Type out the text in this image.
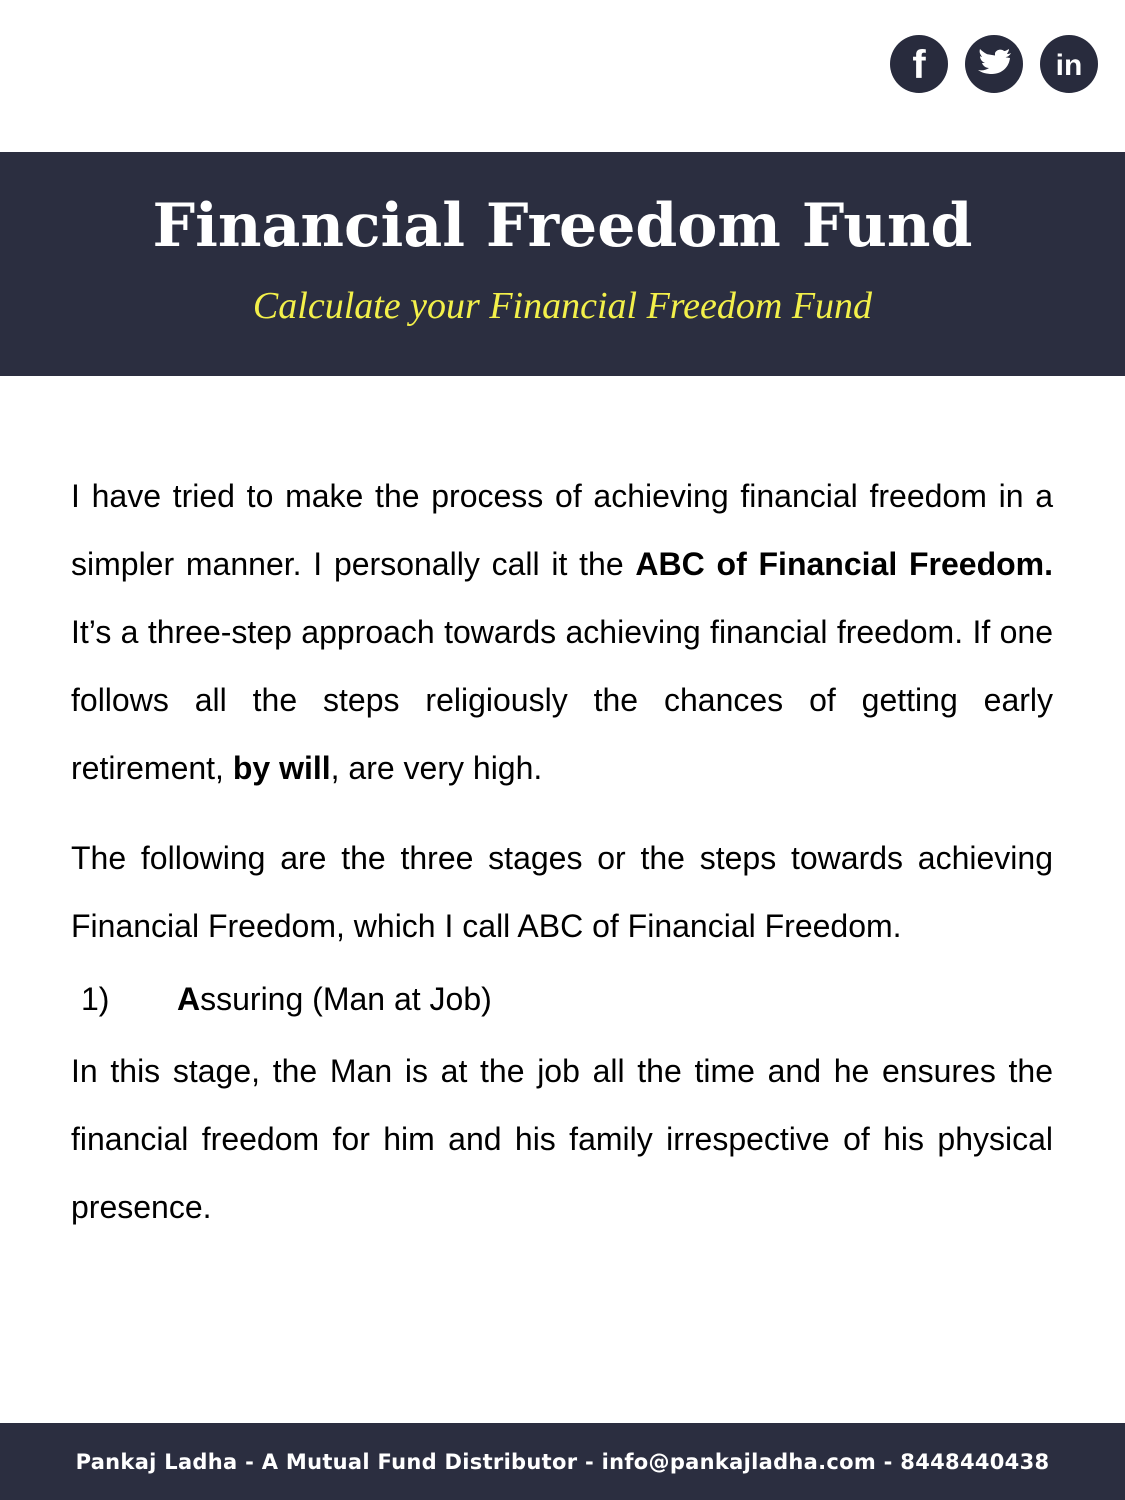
f	in
Financial Freedom Fund

Calculate your Financial Freedom Fund

I have tried to make the process of achieving financial freedom in a simpler manner. I personally call it the ABC of Financial Freedom. It’s a three-step approach towards achieving financial freedom. If one follows all the steps religiously the chances of getting early retirement, by will, are very high.

The following are the three stages or the steps towards achieving Financial Freedom, which I call ABC of Financial Freedom.

1)	Assuring (Man at Job)

In this stage, the Man is at the job all the time and he ensures the financial freedom for him and his family irrespective of his physical presence.

Pankaj Ladha - A Mutual Fund Distributor - info@pankajladha.com - 8448440438
